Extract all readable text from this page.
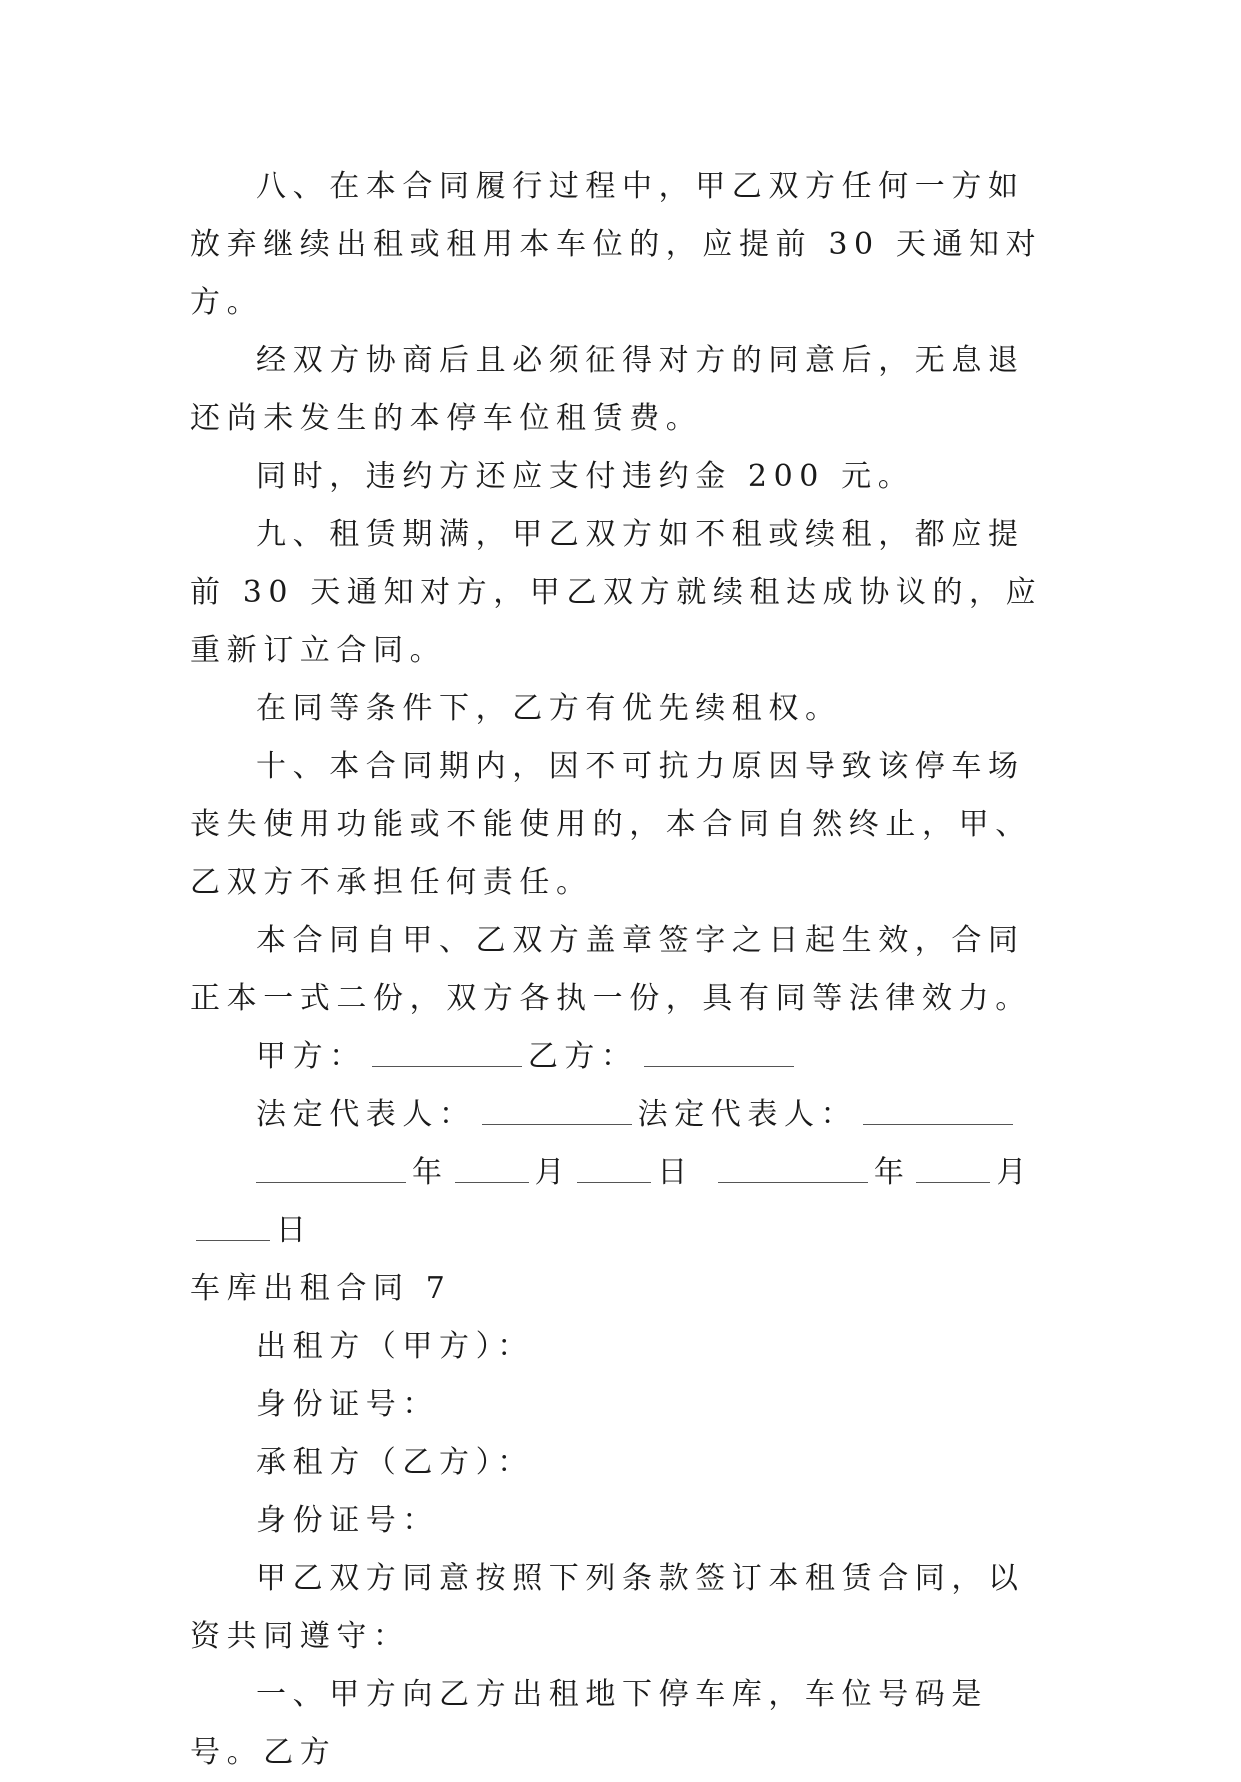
八、在本合同履行过程中，甲乙双方任何一方如放弃继续出租或租用本车位的，应提前 30 天通知对方。

经双方协商后且必须征得对方的同意后，无息退还尚未发生的本停车位租赁费。

同时，违约方还应支付违约金 200 元。

九、租赁期满，甲乙双方如不租或续租，都应提前 30 天通知对方，甲乙双方就续租达成协议的，应重新订立合同。

在同等条件下，乙方有优先续租权。

十、本合同期内，因不可抗力原因导致该停车场丧失使用功能或不能使用的，本合同自然终止，甲、乙双方不承担任何责任。

本合同自甲、乙双方盖章签字之日起生效，合同正本一式二份，双方各执一份，具有同等法律效力。

甲方：	乙方：

法定代表人：	法定代表人：

年	月	日	年	月日

车库出租合同 7

出租方（甲方）：

身份证号：

承租方（乙方）：

身份证号：

甲乙双方同意按照下列条款签订本租赁合同，以资共同遵守：

一、甲方向乙方出租地下停车库，车位号码是号。乙方
